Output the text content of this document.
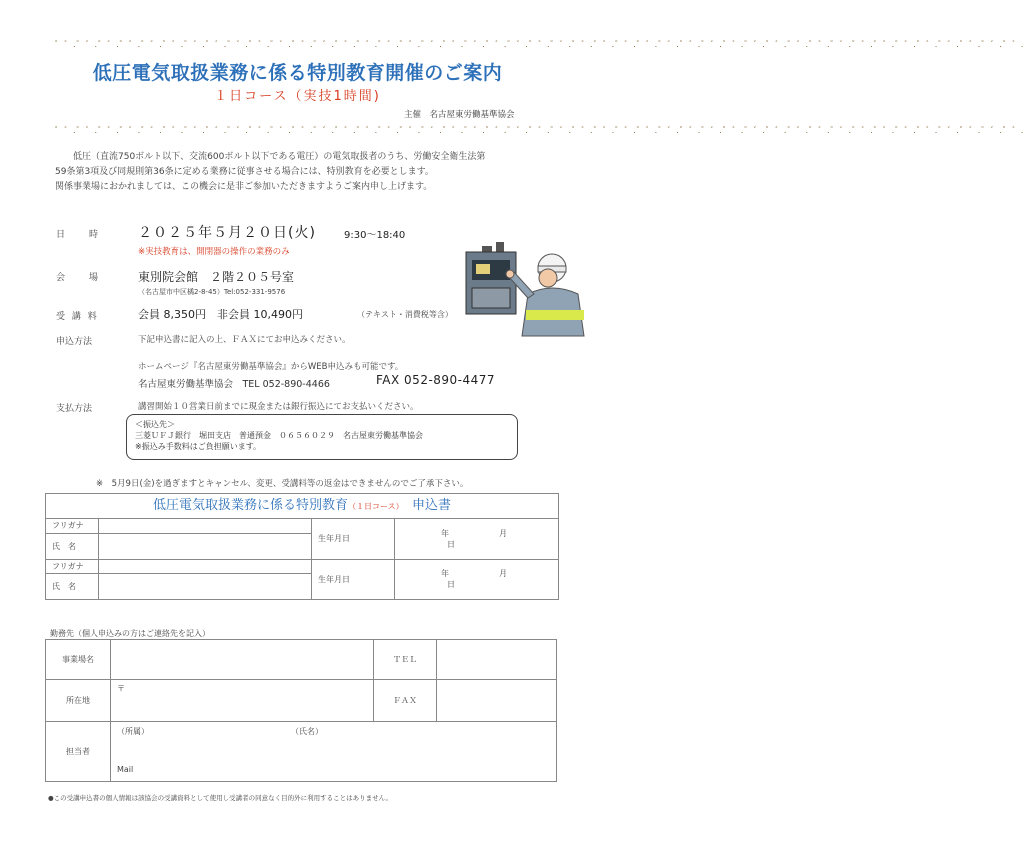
゜゛.゜゛.゜゛.゜゛.゜゛.゜゛.゜゛.゜゛.゜゛.゜゛.゜゛.゜゛.゜゛.゜゛.゜゛.゜゛.゜゛.゜゛.゜゛.゜゛.゜゛.゜゛.゜゛.゜゛.゜゛.゜゛.゜゛.゜゛.゜゛.゜゛.゜゛.゜゛.゜゛.゜゛.゜゛.゜゛.゜゛.゜゛.゜゛.゜゛.゜゛.゜゛.゜゛.゜゛.゜゛.
゜゛.゜゛.゜゛.゜゛.゜゛.゜゛.゜゛.゜゛.゜゛.゜゛.゜゛.゜゛.゜゛.゜゛.゜゛.゜゛.゜゛.゜゛.゜゛.゜゛.゜゛.゜゛.゜゛.゜゛.゜゛.゜゛.゜゛.゜゛.゜゛.゜゛.゜゛.゜゛.゜゛.゜゛.゜゛.゜゛.゜゛.゜゛.゜゛.゜゛.゜゛.゜゛.゜゛.゜゛.゜゛.
低圧電気取扱業務に係る特別教育開催のご案内
１日コース（実技1時間)
主催　名古屋東労働基準協会
低圧（直流750ボルト以下、交流600ボルト以下である電圧）の電気取扱者のうち、労働安全衛生法第
59条第3項及び同規則第36条に定める業務に従事させる場合には、特別教育を必要とします。
関係事業場におかれましては、この機会に是非ご参加いただきますようご案内申し上げます。
日　　時	２０２５年５月２０日(火)	9:30～18:40
※実技教育は、開閉器の操作の業務のみ
会　　場	東別院会館　２階２０５号室
（名古屋市中区橘2-8-45）Tel:052-331-9576
受 講 料	会員 8,350円　非会員 10,490円	（テキスト・消費税等含）
申込方法	下記申込書に記入の上、ＦＡＸにてお申込みください。
ホームページ『名古屋東労働基準協会』からWEB申込みも可能です。
名古屋東労働基準協会　TEL 052-890-4466	FAX 052-890-4477
支払方法	講習開始１０営業日前までに現金または銀行振込にてお支払いください。
＜振込先＞
三菱ＵＦＪ銀行　堀田支店　普通預金　０６５６０２９　名古屋東労働基準協会
※振込み手数料はご負担願います。
※　5月9日(金)を過ぎますとキャンセル、変更、受講料等の返金はできませんのでご了承下さい。
低圧電気取扱業務に係る特別教育（１日コース） 申込書
フリガナ		生年月日	年 月日
氏　名			
フリガナ		生年月日	年 月日
氏　名			
勤務先（個人申込みの方はご連絡先を記入）
事業場名		ＴＥＬ	
所在地	〒	ＦＡＸ	
担当者	（所属） （氏名）
Mail		
●この受講申込書の個人情報は該協会の受講資料として使用し受講者の同意なく目的外に利用することはありません。
